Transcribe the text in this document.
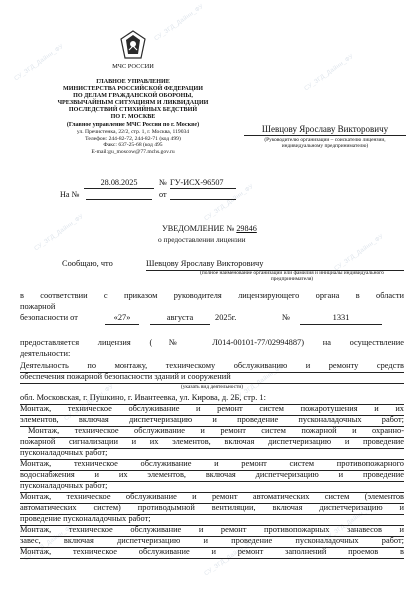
СУ_ЗГД_Дайнн_ФУ
СУ_ЗГД_Дайнн_ФУ
СУ_ЗГД_Дайнн_ФУ
СУ_ЗГД_Дайнн_ФУ
СУ_ЗГД_Дайнн_ФУ
СУ_ЗГД_Дайнн_ФУ
СУ_ЗГД_Дайнн_ФУ
СУ_ЗГД_Дайнн_ФУ
СУ_ЗГД_Дайнн_ФУ	СУ_ЗГД_Дайнн_ФУ
СУ_ЗГД_Дайнн_ФУ
МЧС РОССИИ
ГЛАВНОЕ УПРАВЛЕНИЕ
МИНИСТЕРСТВА РОССИЙСКОЙ ФЕДЕРАЦИИ
ПО ДЕЛАМ ГРАЖДАНСКОЙ ОБОРОНЫ,
ЧРЕЗВЫЧАЙНЫМ СИТУАЦИЯМ И ЛИКВИДАЦИИ
ПОСЛЕДСТВИЙ СТИХИЙНЫХ БЕДСТВИЙ
ПО Г. МОСКВЕ
(Главное управление МЧС России по г. Москве)
ул. Пречистенка, 22/2, стр. 1, г. Москва, 119034
Телефон: 244-82-72, 244-82-71 (код 499)
Факс: 637-25-68 (код 495
E-mail:gu_moscow@77.mchs.gov.ru
Шевцову Ярославу Викторовичу
(Руководителю организации – соискателю лицензии, индивидуальному предпринимателю)
28.08.2025	№ ГУ-ИСХ-96507
На №	от
УВЕДОМЛЕНИЕ № 29846
о предоставлении лицензии
Сообщаю, что	Шевцову Ярославу Викторовичу
(полное наименование организации или фамилия и инициалы индивидуального предпринимателя)
в соответствии с приказом руководителя лицензирующего органа в области
пожарной
безопасности от	«27»	августа	2025г.	№	1331
предоставляется лицензия (№ Л014-00101-77/02994887) на осуществление
деятельности:
Деятельность по монтажу, техническому обслуживанию и ремонту средств
обеспечения пожарной безопасности зданий и сооружений
(указать вид деятельности)
обл. Московская, г. Пушкино, г. Ивантеевка, ул. Кирова, д. 2Б, стр. 1:
Монтаж, техническое обслуживание и ремонт систем пожаротушения и их
элементов, включая диспетчеризацию и проведение пусконаладочных работ;
Монтаж, техническое обслуживание и ремонт систем пожарной и охранно-
пожарной сигнализации и их элементов, включая диспетчеризацию и проведение
пусконаладочных работ;
Монтаж, техническое обслуживание и ремонт систем противопожарного
водоснабжения и их элементов, включая диспетчеризацию и проведение
пусконаладочных работ;
Монтаж, техническое обслуживание и ремонт автоматических систем (элементов
автоматических систем) противодымной вентиляции, включая диспетчеризацию и
проведение пусконаладочных работ;
Монтаж, техническое обслуживание и ремонт противопожарных занавесов и
завес, включая диспетчеризацию и проведение пусконаладочных работ;
Монтаж, техническое обслуживание и ремонт заполнений проемов в
